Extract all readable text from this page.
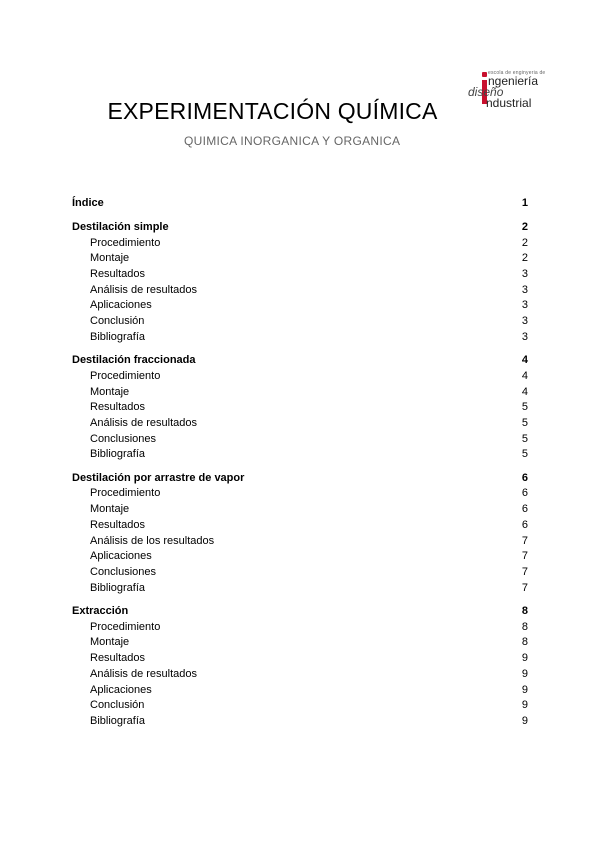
escola de enginyeria de
ngeniería
diseño
ndustrial
EXPERIMENTACIÓN QUÍMICA
QUIMICA INORGANICA Y ORGANICA
Índice	1
Destilación simple	2
Procedimiento	2
Montaje	2
Resultados	3
Análisis de resultados	3
Aplicaciones	3
Conclusión	3
Bibliografía	3
Destilación fraccionada	4
Procedimiento	4
Montaje	4
Resultados	5
Análisis de resultados	5
Conclusiones	5
Bibliografía	5
Destilación por arrastre de vapor	6
Procedimiento	6
Montaje	6
Resultados	6
Análisis de los resultados	7
Aplicaciones	7
Conclusiones	7
Bibliografía	7
Extracción	8
Procedimiento	8
Montaje	8
Resultados	9
Análisis de resultados	9
Aplicaciones	9
Conclusión	9
Bibliografía	9
